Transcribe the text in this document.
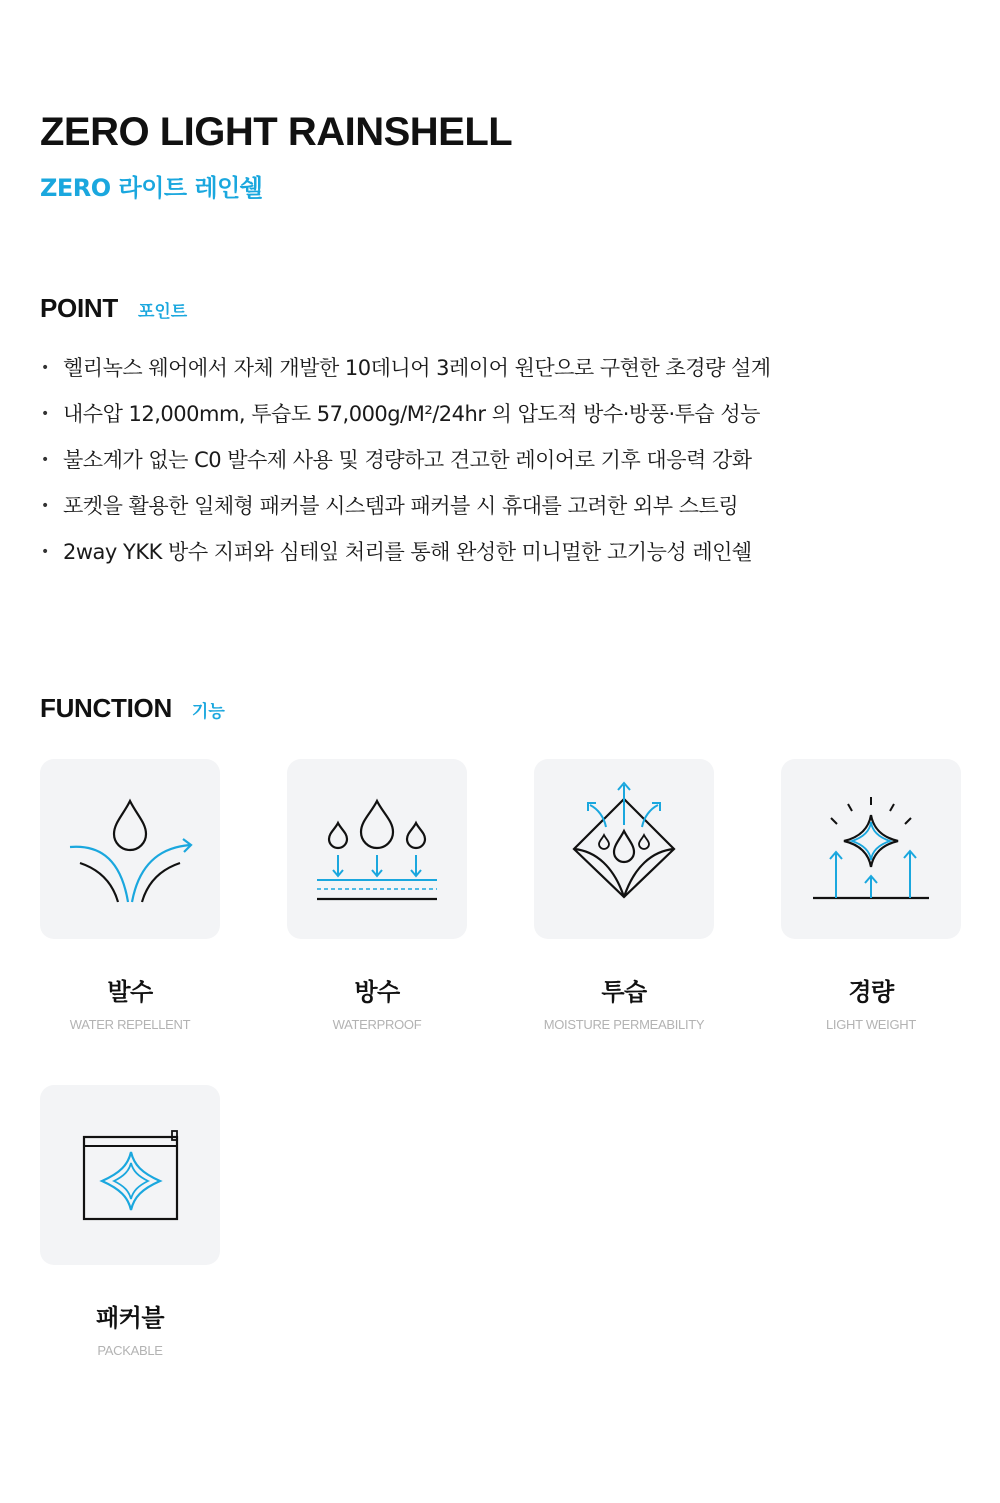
ZERO LIGHT RAINSHELL
ZERO 라이트 레인쉘
POINT 포인트
• 헬리녹스 웨어에서 자체 개발한 10데니어 3레이어 원단으로 구현한 초경량 설계
• 내수압 12,000mm, 투습도 57,000g/M²/24hr 의 압도적 방수·방풍·투습 성능
• 불소계가 없는 C0 발수제 사용 및 경량하고 견고한 레이어로 기후 대응력 강화
• 포켓을 활용한 일체형 패커블 시스템과 패커블 시 휴대를 고려한 외부 스트링
• 2way YKK 방수 지퍼와 심테잎 처리를 통해 완성한 미니멀한 고기능성 레인쉘
FUNCTION 기능
발수
WATER REPELLENT
방수
WATERPROOF
투습
MOISTURE PERMEABILITY
경량
LIGHT WEIGHT
패커블
PACKABLE
